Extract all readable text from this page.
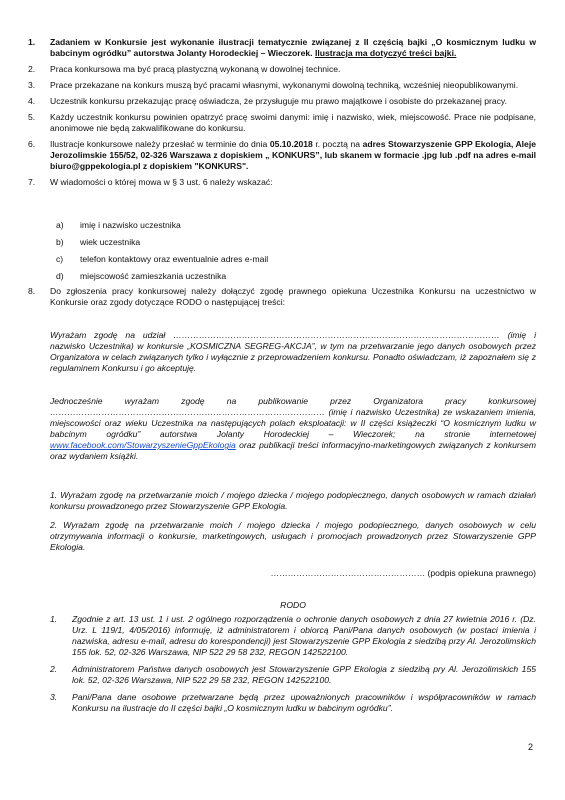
1. Zadaniem w Konkursie jest wykonanie ilustracji tematycznie związanej z II częścią bajki „O kosmicznym ludku w babcinym ogródku” autorstwa Jolanty Horodeckiej – Wieczorek. Ilustracja ma dotyczyć treści bajki.
2. Praca konkursowa ma być pracą plastyczną wykonaną w dowolnej technice.
3. Prace przekazane na konkurs muszą być pracami własnymi, wykonanymi dowolną techniką, wcześniej nieopublikowanymi.
4. Uczestnik konkursu przekazując pracę oświadcza, że przysługuje mu prawo majątkowe i osobiste do przekazanej pracy.
5. Każdy uczestnik konkursu powinien opatrzyć pracę swoimi danymi: imię i nazwisko, wiek, miejscowość. Prace nie podpisane, anonimowe nie będą zakwalifikowane do konkursu.
6. Ilustracje konkursowe należy przesłać w terminie do dnia 05.10.2018 r. pocztą na adres Stowarzyszenie GPP Ekologia, Aleje Jerozolimskie 155/52, 02-326 Warszawa z dopiskiem „ KONKURS”, lub skanem w formacie .jpg lub .pdf na adres e-mail biuro@gppekologia.pl z dopiskiem "KONKURS".
7. W wiadomości o której mowa w § 3 ust. 6 należy wskazać:
a) imię i nazwisko uczestnika
b) wiek uczestnika
c) telefon kontaktowy oraz ewentualnie adres e-mail
d) miejscowość zamieszkania uczestnika
8. Do zgłoszenia pracy konkursowej należy dołączyć zgodę prawnego opiekuna Uczestnika Konkursu na uczestnictwo w Konkursie oraz zgody dotyczące RODO o następującej treści:
Wyrażam zgodę na udział …………………………………………………………………………………………………… (imię i nazwisko Uczestnika) w konkursie „KOSMICZNA SEGREG-AKCJA”, w tym na przetwarzanie jego danych osobowych przez Organizatora w celach związanych tylko i wyłącznie z przeprowadzeniem konkursu. Ponadto oświadczam, iż zapoznałem się z regulaminem Konkursu i go akceptuję.
Jednocześnie wyrażam zgodę na publikowanie przez Organizatora pracy konkursowej …………………………………………………………………………………… (imię i nazwisko Uczestnika) ze wskazaniem imienia, miejscowości oraz wieku Uczestnika na następujących polach eksploatacji: w II części książeczki “O kosmicznym ludku w babcinym ogródku” autorstwa Jolanty Horodeckiej – Wieczorek; na stronie internetowej www.facebook.com/StowarzyszenieGppEkologia oraz publikacji treści informacyjno-marketingowych związanych z konkursem oraz wydaniem książki.
1. Wyrażam zgodę na przetwarzanie moich / mojego dziecka / mojego podopiecznego, danych osobowych w ramach działań konkursu prowadzonego przez Stowarzyszenie GPP Ekologia.
2. Wyrażam zgodę na przetwarzanie moich / mojego dziecka / mojego podopiecznego, danych osobowych w celu otrzymywania informacji o konkursie, marketingowych, usługach i promocjach prowadzonych przez Stowarzyszenie GPP Ekologia.
……………………………………………… (podpis opiekuna prawnego)
RODO
1. Zgodnie z art. 13 ust. 1 i ust. 2 ogólnego rozporządzenia o ochronie danych osobowych z dnia 27 kwietnia 2016 r. (Dz. Urz. L 119/1, 4/05/2016) informuję, iż administratorem i obiorcą Pani/Pana danych osobowych (w postaci imienia i nazwiska, adresu e-mail, adresu do korespondencji) jest Stowarzyszenie GPP Ekologia z siedzibą przy Al. Jerozolimskich 155 lok. 52, 02-326 Warszawa, NIP 522 29 58 232, REGON 142522100.
2. Administratorem Państwa danych osobowych jest Stowarzyszenie GPP Ekologia z siedzibą pry Al. Jerozolimskich 155 lok. 52, 02-326 Warszawa, NIP 522 29 58 232, REGON 142522100.
3. Pani/Pana dane osobowe przetwarzane będą przez upoważnionych pracowników i współpracowników w ramach Konkursu na ilustracje do II części bajki „O kosmicznym ludku w babcinym ogródku”.
2
